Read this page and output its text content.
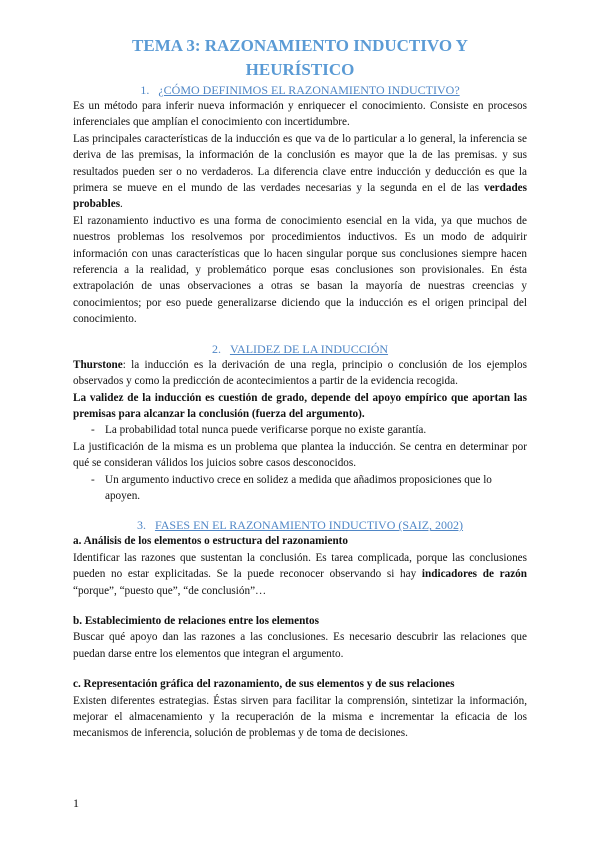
TEMA 3: RAZONAMIENTO INDUCTIVO Y
HEURÍSTICO
1. ¿CÓMO DEFINIMOS EL RAZONAMIENTO INDUCTIVO?

Es un método para inferir nueva información y enriquecer el conocimiento. Consiste en procesos inferenciales que amplían el conocimiento con incertidumbre.

Las principales características de la inducción es que va de lo particular a lo general, la inferencia se deriva de las premisas, la información de la conclusión es mayor que la de las premisas. y sus resultados pueden ser o no verdaderos. La diferencia clave entre inducción y deducción es que la primera se mueve en el mundo de las verdades necesarias y la segunda en el de las verdades probables.

El razonamiento inductivo es una forma de conocimiento esencial en la vida, ya que muchos de nuestros problemas los resolvemos por procedimientos inductivos. Es un modo de adquirir información con unas características que lo hacen singular porque sus conclusiones siempre hacen referencia a la realidad, y problemático porque esas conclusiones son provisionales. En ésta extrapolación de unas observaciones a otras se basan la mayoría de nuestras creencias y conocimientos; por eso puede generalizarse diciendo que la inducción es el origen principal del conocimiento.

2. VALIDEZ DE LA INDUCCIÓN

Thurstone: la inducción es la derivación de una regla, principio o conclusión de los ejemplos observados y como la predicción de acontecimientos a partir de la evidencia recogida.

La validez de la inducción es cuestión de grado, depende del apoyo empírico que aportan las premisas para alcanzar la conclusión (fuerza del argumento).

- La probabilidad total nunca puede verificarse porque no existe garantía.

La justificación de la misma es un problema que plantea la inducción. Se centra en determinar por qué se consideran válidos los juicios sobre casos desconocidos.

- Un argumento inductivo crece en solidez a medida que añadimos proposiciones que lo apoyen.
3. FASES EN EL RAZONAMIENTO INDUCTIVO (SAIZ, 2002)
a. Análisis de los elementos o estructura del razonamiento

Identificar las razones que sustentan la conclusión. Es tarea complicada, porque las conclusiones pueden no estar explicitadas. Se la puede reconocer observando si hay indicadores de razón “porque”, “puesto que”, “de conclusión”…

b. Establecimiento de relaciones entre los elementos

Buscar qué apoyo dan las razones a las conclusiones. Es necesario descubrir las relaciones que puedan darse entre los elementos que integran el argumento.

c. Representación gráfica del razonamiento, de sus elementos y de sus relaciones

Existen diferentes estrategias. Éstas sirven para facilitar la comprensión, sintetizar la información, mejorar el almacenamiento y la recuperación de la misma e incrementar la eficacia de los mecanismos de inferencia, solución de problemas y de toma de decisiones.

1
